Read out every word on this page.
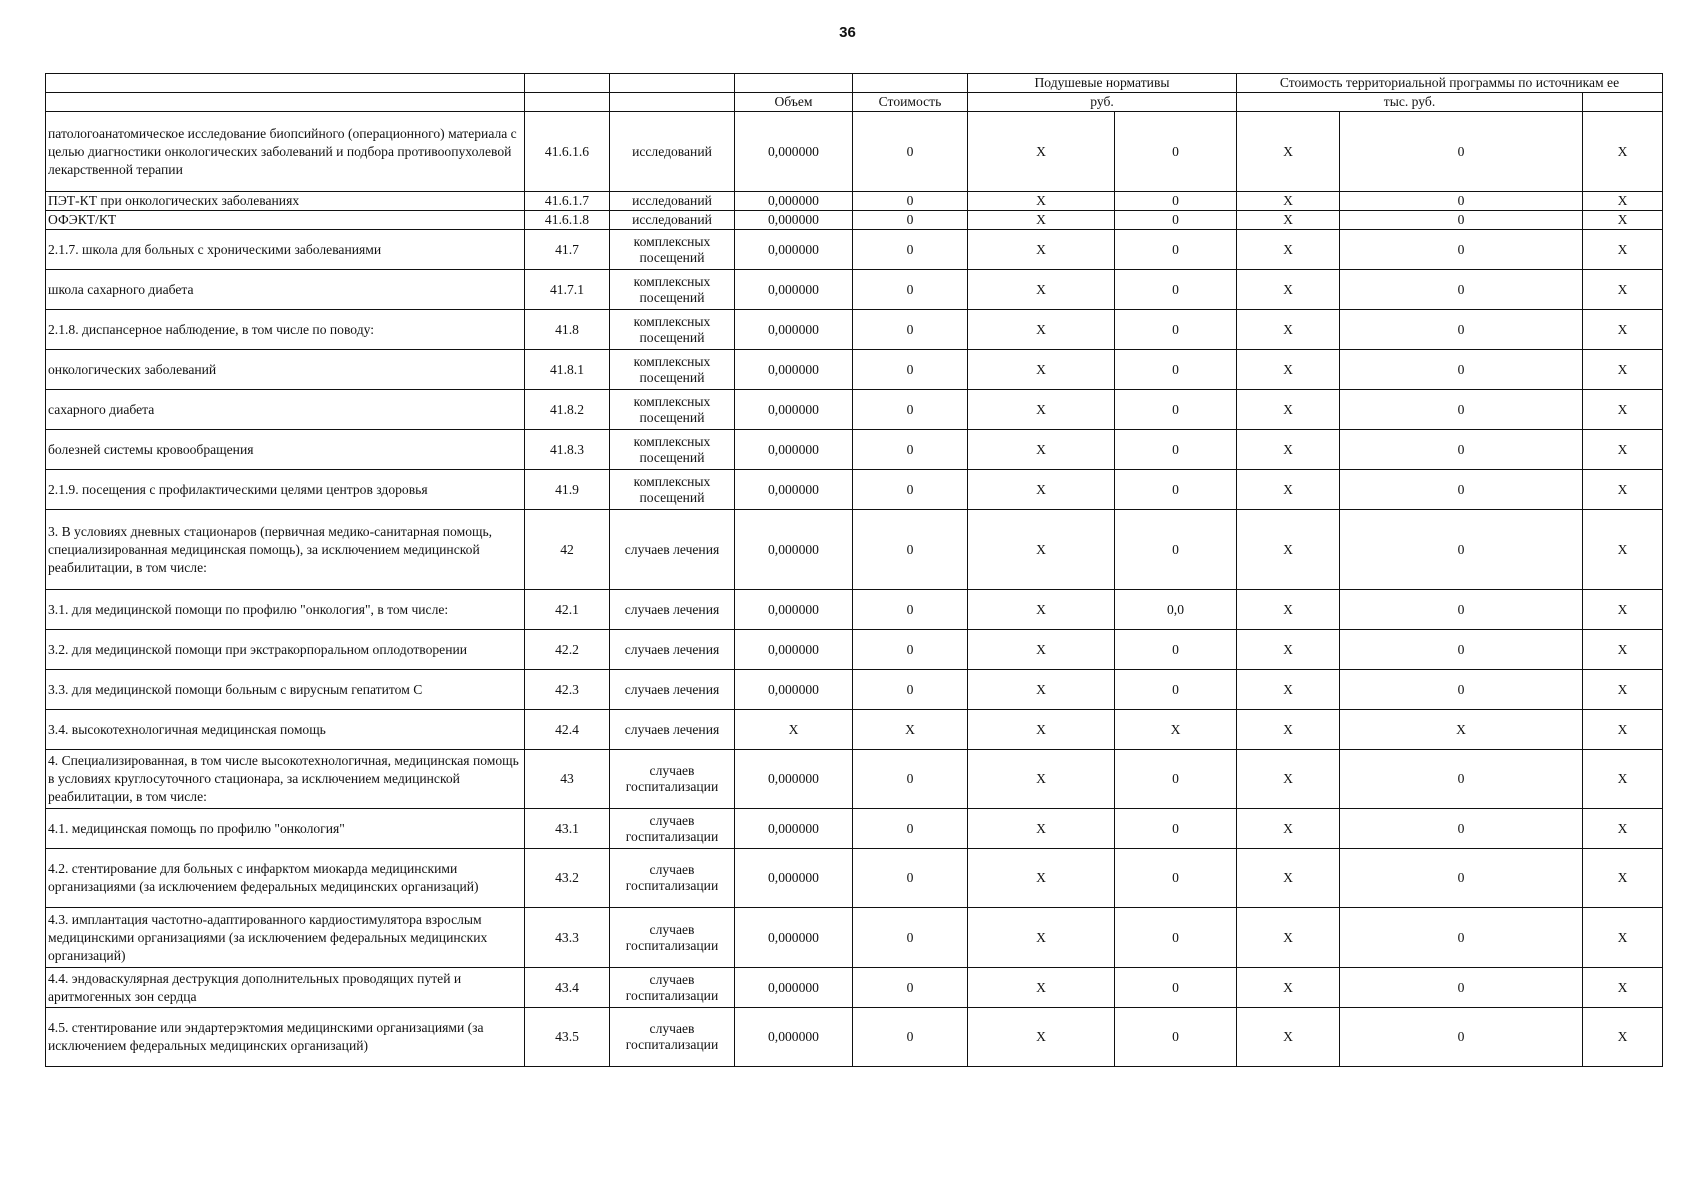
36
					Подушевые нормативы		Стоимость территориальной программы по источникам ее		
			Объем	Стоимость	руб.		тыс. руб.		
патологоанатомическое исследование биопсийного (операционного) материала с целью диагностики онкологических заболеваний и подбора противоопухолевой лекарственной терапии	41.6.1.6	исследований	0,000000	0	X	0	X	0	X
ПЭТ-КТ при онкологических заболеваниях	41.6.1.7	исследований	0,000000	0	X	0	X	0	X
ОФЭКТ/КТ	41.6.1.8	исследований	0,000000	0	X	0	X	0	X
2.1.7. школа для больных с хроническими заболеваниями	41.7	комплексных посещений	0,000000	0	X	0	X	0	X
школа сахарного диабета	41.7.1	комплексных посещений	0,000000	0	X	0	X	0	X
2.1.8. диспансерное наблюдение, в том числе по поводу:	41.8	комплексных посещений	0,000000	0	X	0	X	0	X
онкологических заболеваний	41.8.1	комплексных посещений	0,000000	0	X	0	X	0	X
сахарного диабета	41.8.2	комплексных посещений	0,000000	0	X	0	X	0	X
болезней системы кровообращения	41.8.3	комплексных посещений	0,000000	0	X	0	X	0	X
2.1.9. посещения с профилактическими целями центров здоровья	41.9	комплексных посещений	0,000000	0	X	0	X	0	X
3. В условиях дневных стационаров (первичная медико-санитарная помощь, специализированная медицинская помощь), за исключением медицинской реабилитации, в том числе:	42	случаев лечения	0,000000	0	X	0	X	0	X
3.1. для медицинской помощи по профилю "онкология", в том числе:	42.1	случаев лечения	0,000000	0	X	0,0	X	0	X
3.2. для медицинской помощи при экстракорпоральном оплодотворении	42.2	случаев лечения	0,000000	0	X	0	X	0	X
3.3. для медицинской помощи больным с вирусным гепатитом С	42.3	случаев лечения	0,000000	0	X	0	X	0	X
3.4. высокотехнологичная медицинская помощь	42.4	случаев лечения	X	X	X	X	X	X	X
4. Специализированная, в том числе высокотехнологичная, медицинская помощь в условиях круглосуточного стационара, за исключением медицинской реабилитации, в том числе:	43	случаев госпитализации	0,000000	0	X	0	X	0	X
4.1. медицинская помощь по профилю "онкология"	43.1	случаев госпитализации	0,000000	0	X	0	X	0	X
4.2. стентирование для больных с инфарктом миокарда медицинскими организациями (за исключением федеральных медицинских организаций)	43.2	случаев госпитализации	0,000000	0	X	0	X	0	X
4.3. имплантация частотно-адаптированного кардиостимулятора взрослым медицинскими организациями (за исключением федеральных медицинских организаций)	43.3	случаев госпитализации	0,000000	0	X	0	X	0	X
4.4. эндоваскулярная деструкция дополнительных проводящих путей и аритмогенных зон сердца	43.4	случаев госпитализации	0,000000	0	X	0	X	0	X
4.5. стентирование или эндартерэктомия медицинскими организациями (за исключением федеральных медицинских организаций)	43.5	случаев госпитализации	0,000000	0	X	0	X	0	X
